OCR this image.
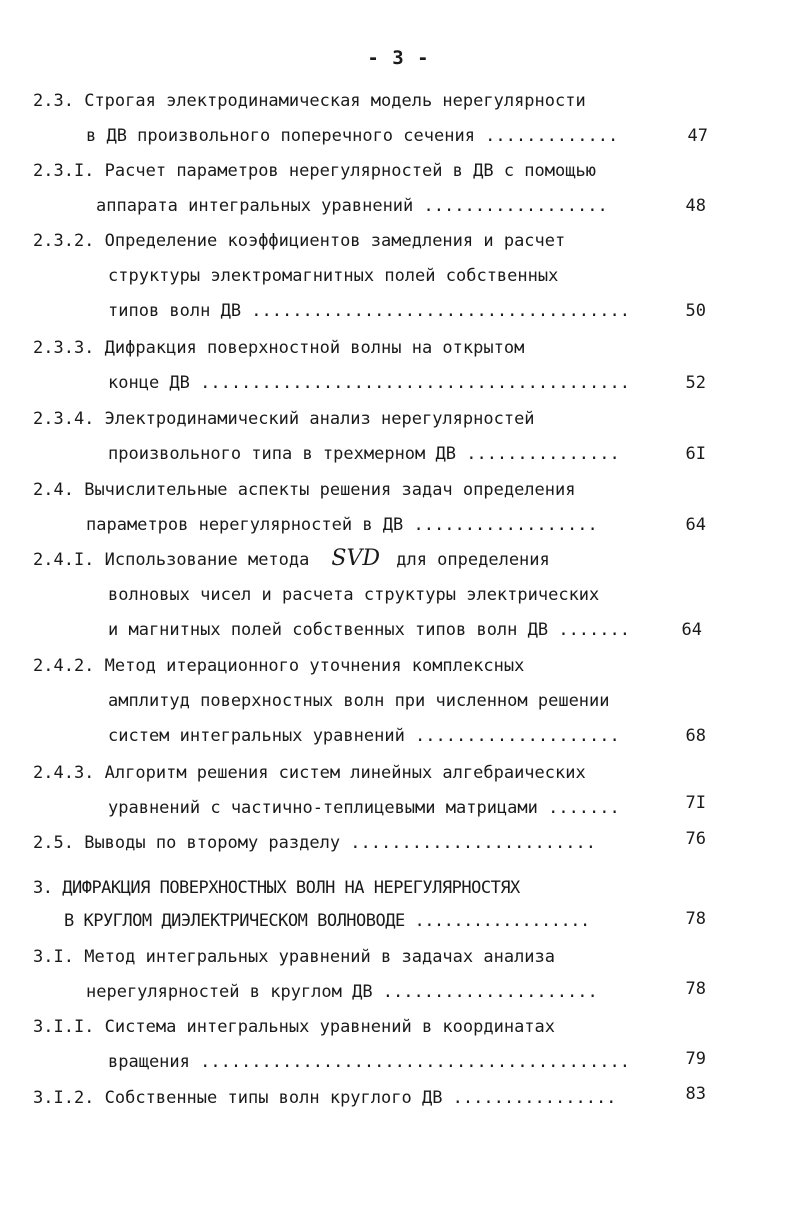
- 3 -
2.3. Строгая электродинамическая модель нерегулярности
в ДВ произвольного поперечного сечения .............	47
2.3.I. Расчет параметров нерегулярностей в ДВ с помощью
аппарата интегральных уравнений ..................	48
2.3.2. Определение коэффициентов замедления и расчет
структуры электромагнитных полей собственных
типов волн ДВ .....................................	50
2.3.3. Дифракция поверхностной волны на открытом
конце ДВ ..........................................	52
2.3.4. Электродинамический анализ нерегулярностей
произвольного типа в трехмерном ДВ ...............	6I
2.4. Вычислительные аспекты решения задач определения
параметров нерегулярностей в ДВ ..................	64
2.4.I. Использование метода SVD для определения
волновых чисел и расчета структуры электрических
и магнитных полей собственных типов волн ДВ .......	64
2.4.2. Метод итерационного уточнения комплексных
амплитуд поверхностных волн при численном решении
систем интегральных уравнений ....................	68
2.4.3. Алгоритм решения систем линейных алгебраических
уравнений с частично-теплицевыми матрицами .......	7I
2.5. Выводы по второму разделу ........................	76
3. ДИФРАКЦИЯ ПОВЕРХНОСТНЫХ ВОЛН НА НЕРЕГУЛЯРНОСТЯХ
В КРУГЛОМ ДИЭЛЕКТРИЧЕСКОМ ВОЛНОВОДЕ ..................	78
3.I. Метод интегральных уравнений в задачах анализа
нерегулярностей в круглом ДВ .....................	78
3.I.I. Система интегральных уравнений в координатах
вращения ..........................................	79
3.I.2. Собственные типы волн круглого ДВ ................	83
